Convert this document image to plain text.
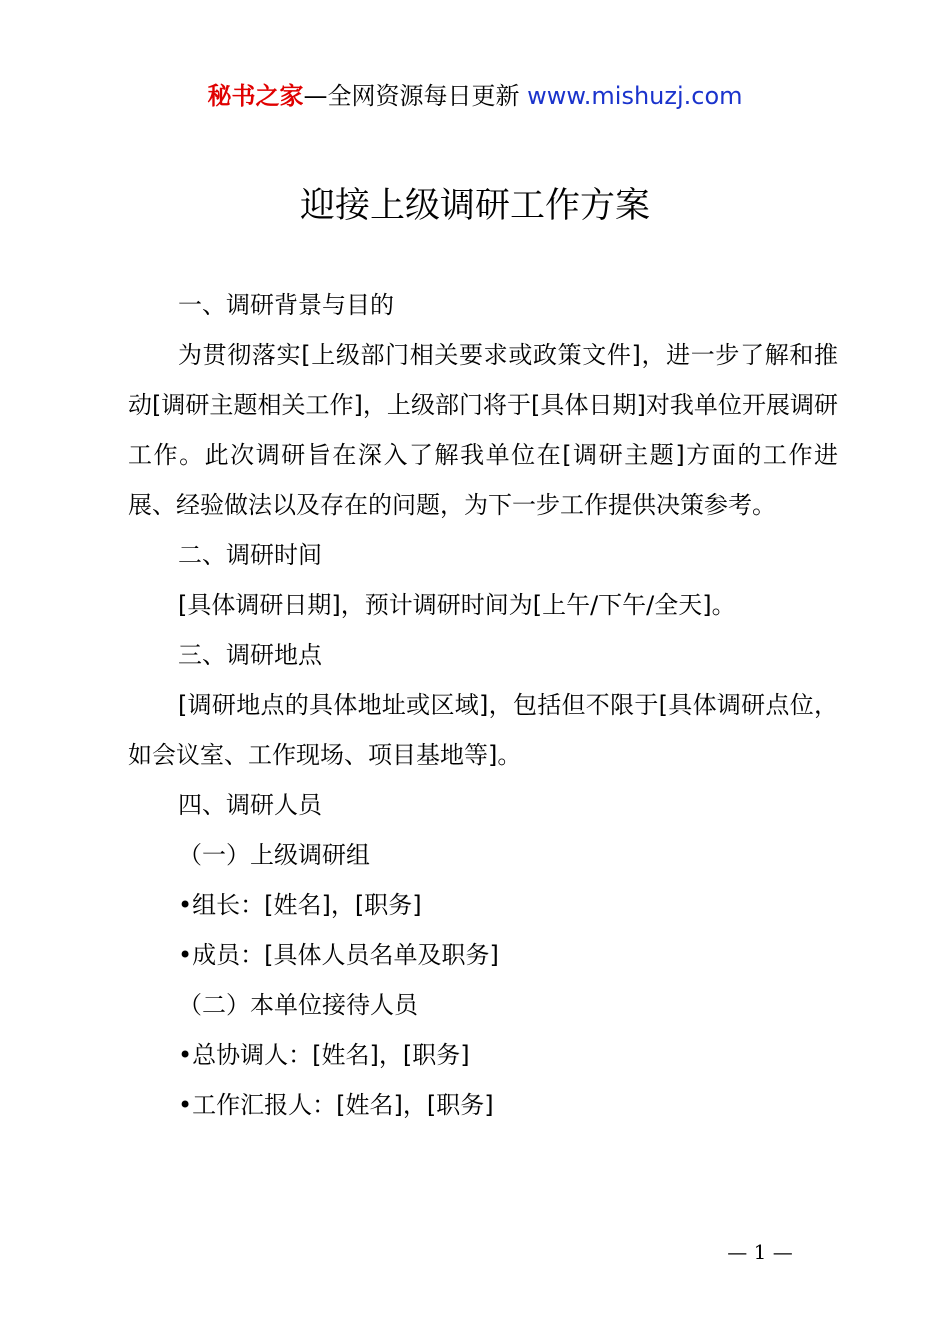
秘书之家—全网资源每日更新 www.mishuzj.com
迎接上级调研工作方案

一、调研背景与目的

为贯彻落实[上级部门相关要求或政策文件]，进一步了解和推动[调研主题相关工作]，上级部门将于[具体日期]对我单位开展调研工作。此次调研旨在深入了解我单位在[调研主题]方面的工作进展、经验做法以及存在的问题，为下一步工作提供决策参考。

二、调研时间

[具体调研日期]，预计调研时间为[上午/下午/全天]。

三、调研地点

[调研地点的具体地址或区域]，包括但不限于[具体调研点位，如会议室、工作现场、项目基地等]。

四、调研人员

（一）上级调研组

•组长：[姓名]，[职务]

•成员：[具体人员名单及职务]

（二）本单位接待人员

•总协调人：[姓名]，[职务]

•工作汇报人：[姓名]，[职务]

— 1 —
